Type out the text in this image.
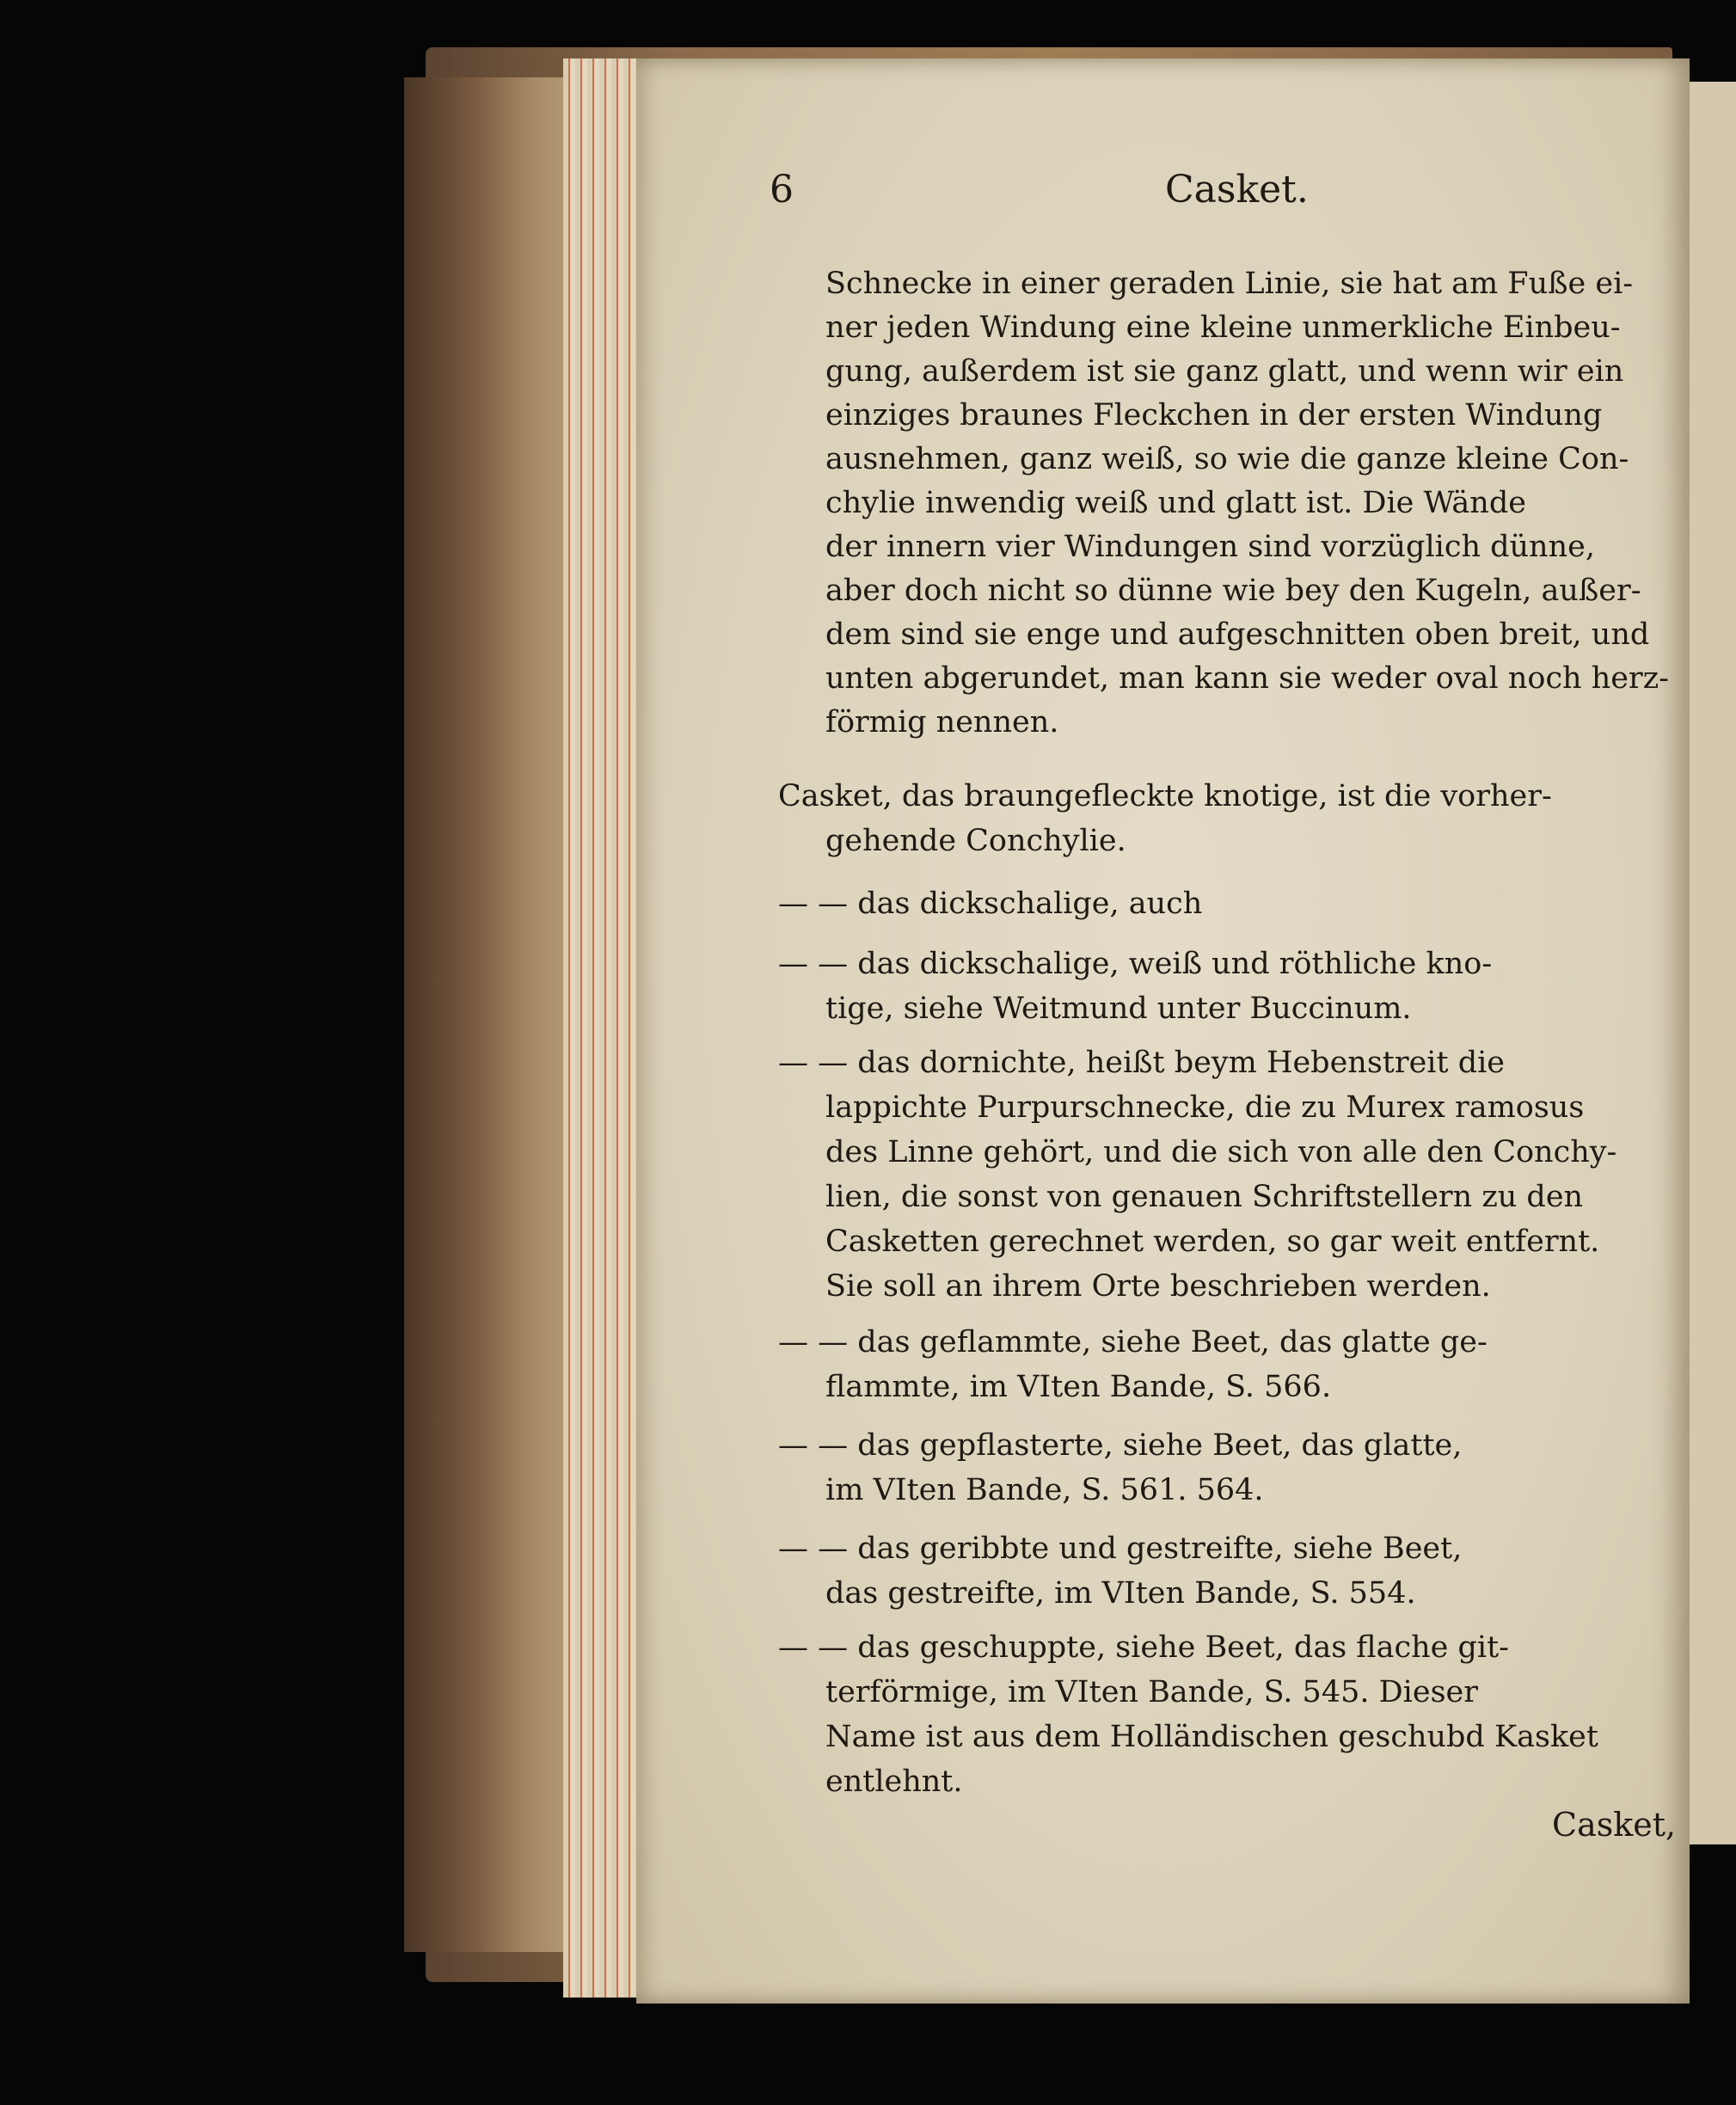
6	Casket.
Schnecke in einer geraden Linie, sie hat am Fuße ei-
ner jeden Windung eine kleine unmerkliche Einbeu-
gung, außerdem ist sie ganz glatt, und wenn wir ein
einziges braunes Fleckchen in der ersten Windung
ausnehmen, ganz weiß, so wie die ganze kleine Con-
chylie inwendig weiß und glatt ist. Die Wände
der innern vier Windungen sind vorzüglich dünne,
aber doch nicht so dünne wie bey den Kugeln, außer-
dem sind sie enge und aufgeschnitten oben breit, und
unten abgerundet, man kann sie weder oval noch herz-
förmig nennen.
Casket, das braungefleckte knotige, ist die vorher-
gehende Conchylie.
— — das dickschalige, auch
— — das dickschalige, weiß und röthliche kno-
tige, siehe Weitmund unter Buccinum.
— — das dornichte, heißt beym Hebenstreit die
lappichte Purpurschnecke, die zu Murex ramosus
des Linne gehört, und die sich von alle den Conchy-
lien, die sonst von genauen Schriftstellern zu den
Casketten gerechnet werden, so gar weit entfernt.
Sie soll an ihrem Orte beschrieben werden.
— — das geflammte, siehe Beet, das glatte ge-
flammte, im VIten Bande, S. 566.
— — das gepflasterte, siehe Beet, das glatte,
im VIten Bande, S. 561. 564.
— — das geribbte und gestreifte, siehe Beet,
das gestreifte, im VIten Bande, S. 554.
— — das geschuppte, siehe Beet, das flache git-
terförmige, im VIten Bande, S. 545. Dieser
Name ist aus dem Holländischen geschubd Kasket
entlehnt.
Casket,
